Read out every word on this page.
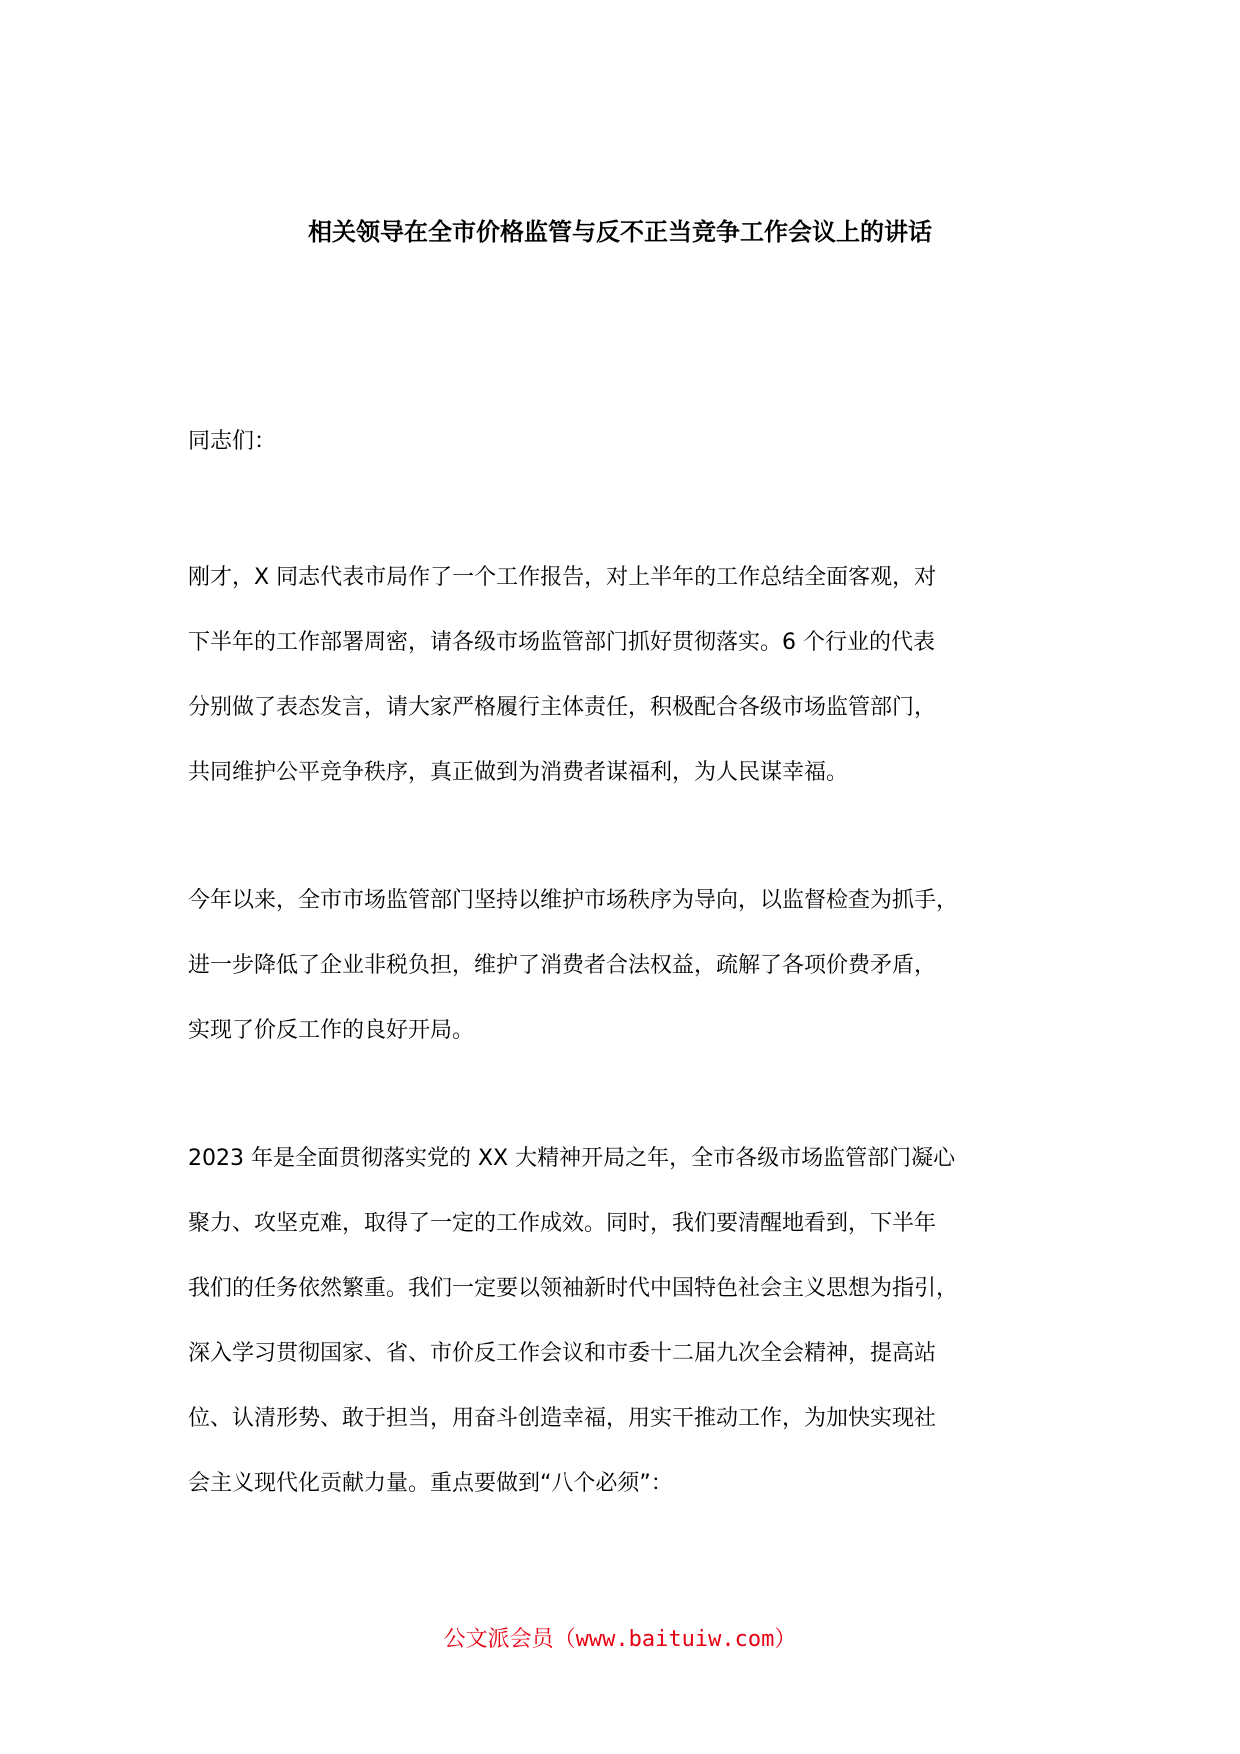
相关领导在全市价格监管与反不正当竞争工作会议上的讲话

同志们：

刚才，X 同志代表市局作了一个工作报告，对上半年的工作总结全面客观，对
下半年的工作部署周密，请各级市场监管部门抓好贯彻落实。6 个行业的代表
分别做了表态发言，请大家严格履行主体责任，积极配合各级市场监管部门，
共同维护公平竞争秩序，真正做到为消费者谋福利，为人民谋幸福。

今年以来，全市市场监管部门坚持以维护市场秩序为导向，以监督检查为抓手，
进一步降低了企业非税负担，维护了消费者合法权益，疏解了各项价费矛盾，
实现了价反工作的良好开局。

2023 年是全面贯彻落实党的 XX 大精神开局之年，全市各级市场监管部门凝心
聚力、攻坚克难，取得了一定的工作成效。同时，我们要清醒地看到，下半年
我们的任务依然繁重。我们一定要以领袖新时代中国特色社会主义思想为指引，
深入学习贯彻国家、省、市价反工作会议和市委十二届九次全会精神，提高站
位、认清形势、敢于担当，用奋斗创造幸福，用实干推动工作，为加快实现社
会主义现代化贡献力量。重点要做到“八个必须”：

公文派会员（www.baituiw.com）
